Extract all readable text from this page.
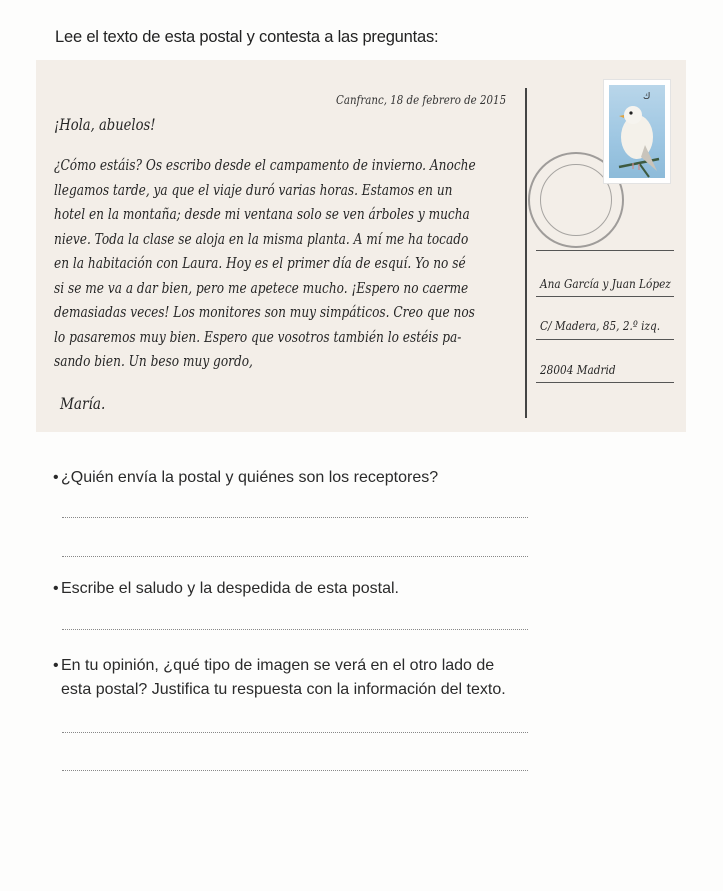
Lee el texto de esta postal y contesta a las preguntas:
Canfranc, 18 de febrero de 2015
¡Hola, abuelos!
¿Cómo estáis? Os escribo desde el campamento de invierno. Anoche
llegamos tarde, ya que el viaje duró varias horas. Estamos en un
hotel en la montaña; desde mi ventana solo se ven árboles y mucha
nieve. Toda la clase se aloja en la misma planta. A mí me ha tocado
en la habitación con Laura. Hoy es el primer día de esquí. Yo no sé
si se me va a dar bien, pero me apetece mucho. ¡Espero no caerme
demasiadas veces! Los monitores son muy simpáticos. Creo que nos
lo pasaremos muy bien. Espero que vosotros también lo estéis pa-
sando bien. Un beso muy gordo,
María.
ك
Ana García y Juan López
C/ Madera, 85, 2.º izq.
28004 Madrid
• ¿Quién envía la postal y quiénes son los receptores?
• Escribe el saludo y la despedida de esta postal.
• En tu opinión, ¿qué tipo de imagen se verá en el otro lado de
esta postal? Justifica tu respuesta con la información del texto.
